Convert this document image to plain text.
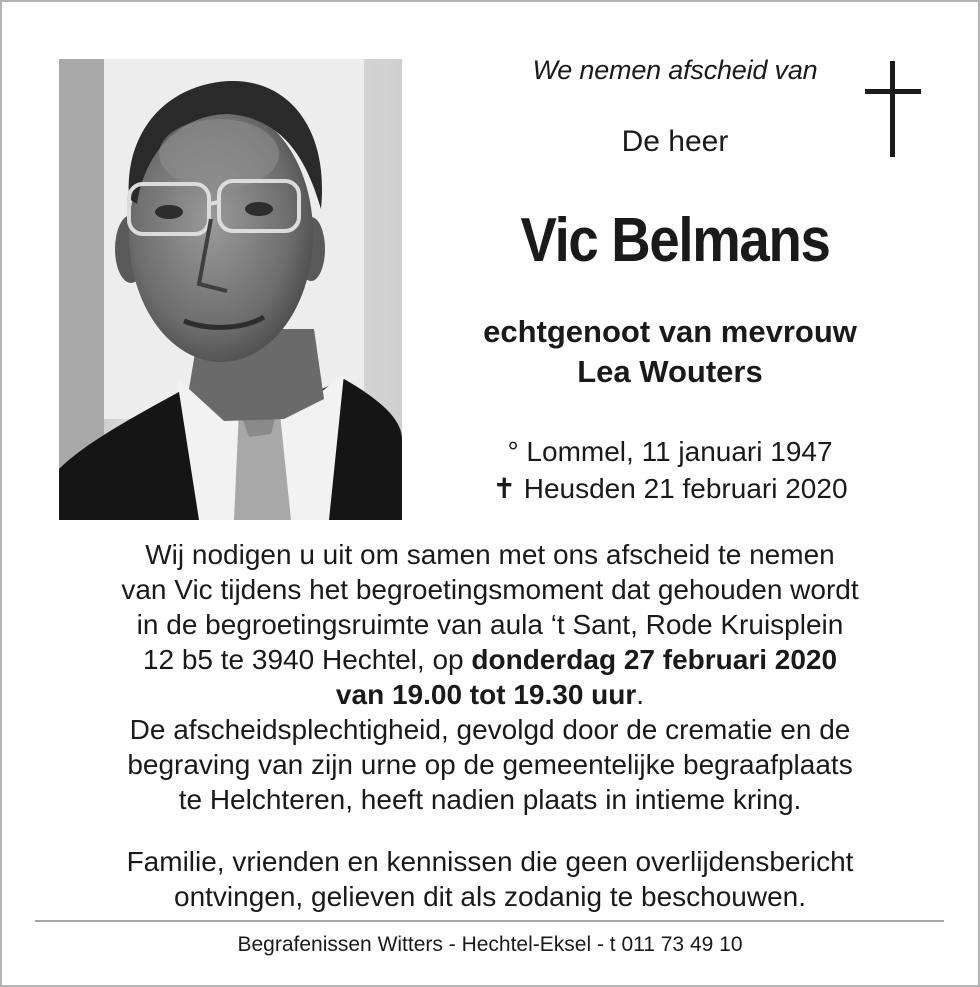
We nemen afscheid van
De heer
Vic Belmans
echtgenoot van mevrouw
Lea Wouters
° Lommel, 11 januari 1947
✝ Heusden 21 februari 2020
Wij nodigen u uit om samen met ons afscheid te nemen
van Vic tijdens het begroetingsmoment dat gehouden wordt
in de begroetingsruimte van aula ‘t Sant, Rode Kruisplein
12 b5 te 3940 Hechtel, op donderdag 27 februari 2020
van 19.00 tot 19.30 uur.
De afscheidsplechtigheid, gevolgd door de crematie en de
begraving van zijn urne op de gemeentelijke begraafplaats
te Helchteren, heeft nadien plaats in intieme kring.
Familie, vrienden en kennissen die geen overlijdensbericht
ontvingen, gelieven dit als zodanig te beschouwen.
Begrafenissen Witters - Hechtel-Eksel - t 011 73 49 10
